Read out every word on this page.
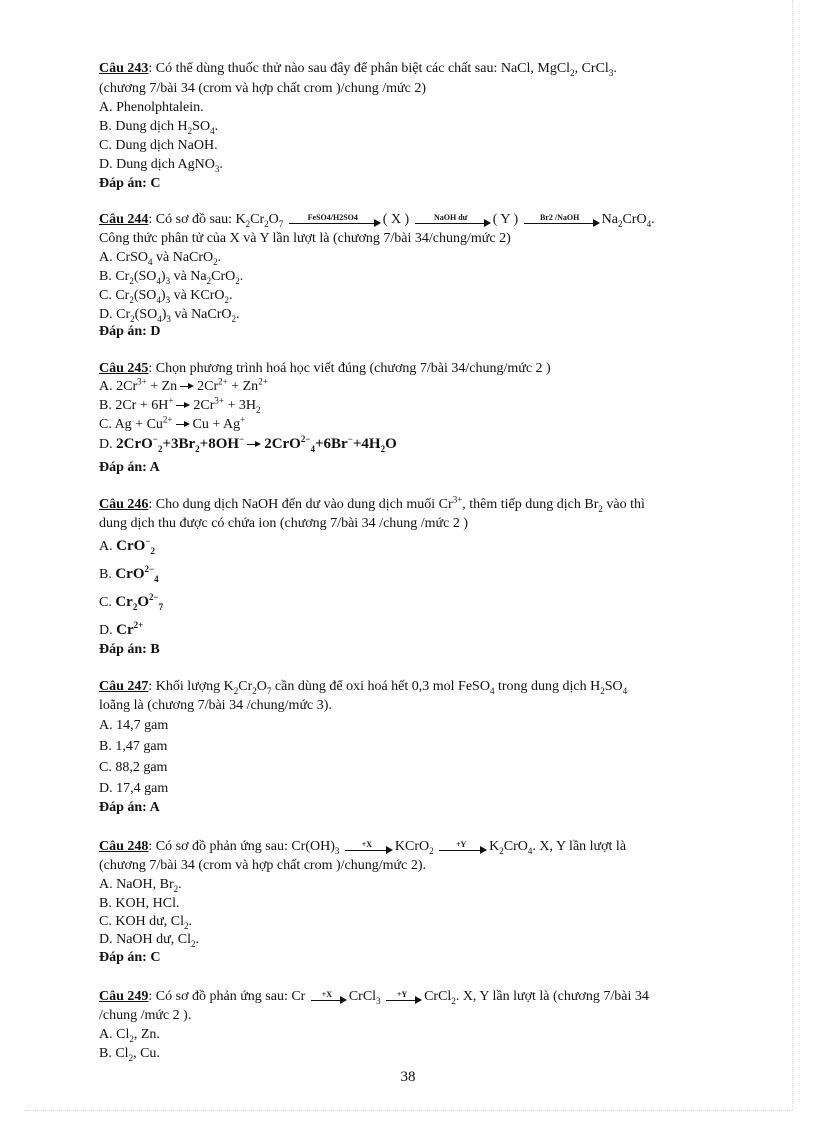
Câu 243: Có thể dùng thuốc thử nào sau đây để phân biệt các chất sau: NaCl, MgCl$_2$, CrCl$_3$.
(chương 7/bài 34 (crom và hợp chất crom )/chung /mức 2)
A. Phenolphtalein.
B. Dung dịch $H_2SO_4$.
C. Dung dịch NaOH.
D. Dung dịch AgNO$_3$.
Đáp án: C
Câu 244: Có sơ đồ sau: $K_2Cr_2O_7$
FeSO4/H2SO4	( X )	NaOH dư	( Y )	Br2 /NaOH	$Na_2CrO_4$.
Công thức phân tử của X và Y lần lượt là (chương 7/bài 34/chung/mức 2)
A. CrSO$_4$ và NaCrO$_2$.
B. $Cr_2(SO_4)_3$ và $Na_2CrO_2$.
C. $Cr_2(SO_4)_3$ và KCrO$_2$.
D. $Cr_2(SO_4)_3$ và NaCrO$_2$.
Đáp án: D
Câu 245: Chọn phương trình hoá học viết đúng (chương 7/bài 34/chung/mức 2 )
A. $2Cr^{3+} + Zn$ $2Cr^{2+} + Zn^{2+}$
B. 2Cr + 6H+ $2Cr^{3+} + 3H_2$
C. $Ag + Cu^{2+}$ Cu + Ag+
D. $2CrO^-_2+3Br_2+8OH^-$ $2CrO^{2-}_4+6Br^-+4H_2O$
Đáp án: A
Câu 246: Cho dung dịch NaOH đến dư vào dung dịch muối $Cr^{3+}$, thêm tiếp dung dịch $Br_2$ vào thì
dung dịch thu được có chứa ion (chương 7/bài 34 /chung /mức 2 )
A. CrO−$_2$
B. CrO$^{2-}_4$
C. $Cr_2O^{2-}_7$
D. $Cr^{2+}$
Đáp án: B
Câu 247: Khối lượng $K_2Cr_2O_7$ cần dùng để oxi hoá hết 0,3 mol FeSO$_4$ trong dung dịch $H_2SO_4$
loãng là (chương 7/bài 34 /chung/mức 3).
A. 14,7 gam
B. 1,47 gam
C. 88,2 gam
D. 17,4 gam
Đáp án: A
Câu 248: Có sơ đồ phản ứng sau: $Cr(OH)_3$
+X	KCrO$_2$
+Y	$K_2CrO_4$. X, Y lần lượt là
(chương 7/bài 34 (crom và hợp chất crom )/chung/mức 2).
A. NaOH, $Br_2$.
B. KOH, HCl.
C. KOH dư, $Cl_2$.
D. NaOH dư, $Cl_2$.
Đáp án: C
Câu 249: Có sơ đồ phản ứng sau: Cr	+X	CrCl$_3$
+Y	CrCl$_2$. X, Y lần lượt là (chương 7/bài 34
/chung /mức 2 ).
A. $Cl_2$, Zn.
B. $Cl_2$, Cu.
38
